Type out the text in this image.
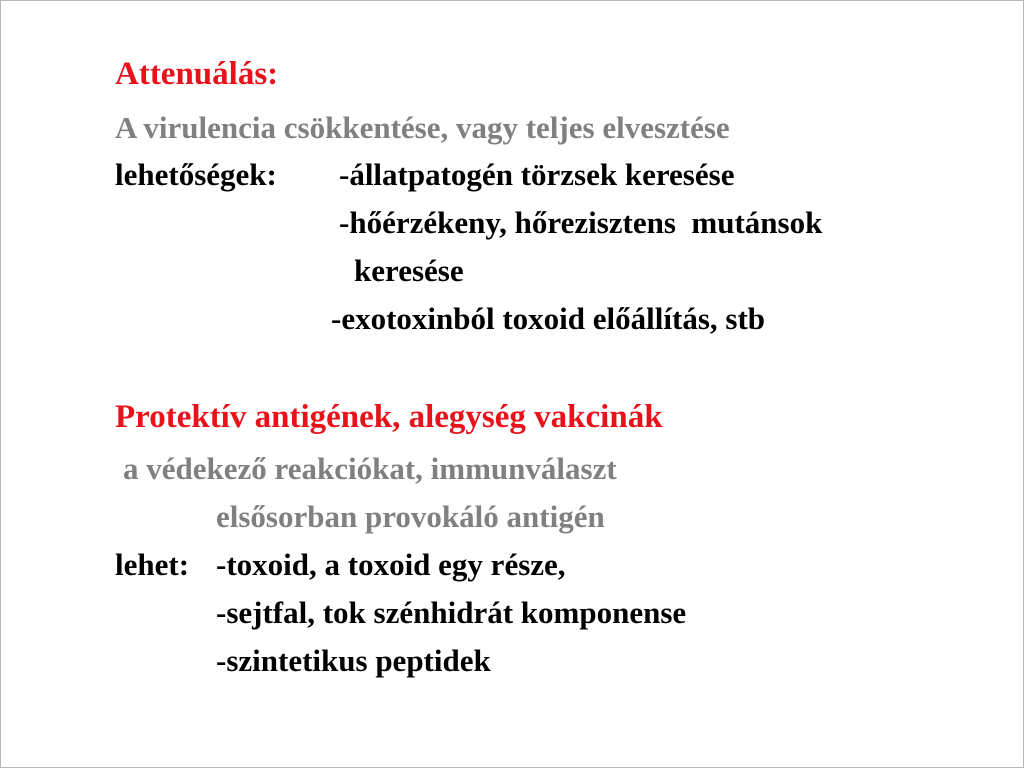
Attenuálás:
A virulencia csökkentése, vagy teljes elvesztése
lehetőségek: -állatpatogén törzsek keresése
-hőérzékeny, hőrezisztens  mutánsok
keresése
-exotoxinból toxoid előállítás, stb
Protektív antigének, alegység vakcinák
a védekező reakciókat, immunválaszt
elsősorban provokáló antigén
lehet: -toxoid, a toxoid egy része,
-sejtfal, tok szénhidrát komponense
-szintetikus peptidek
